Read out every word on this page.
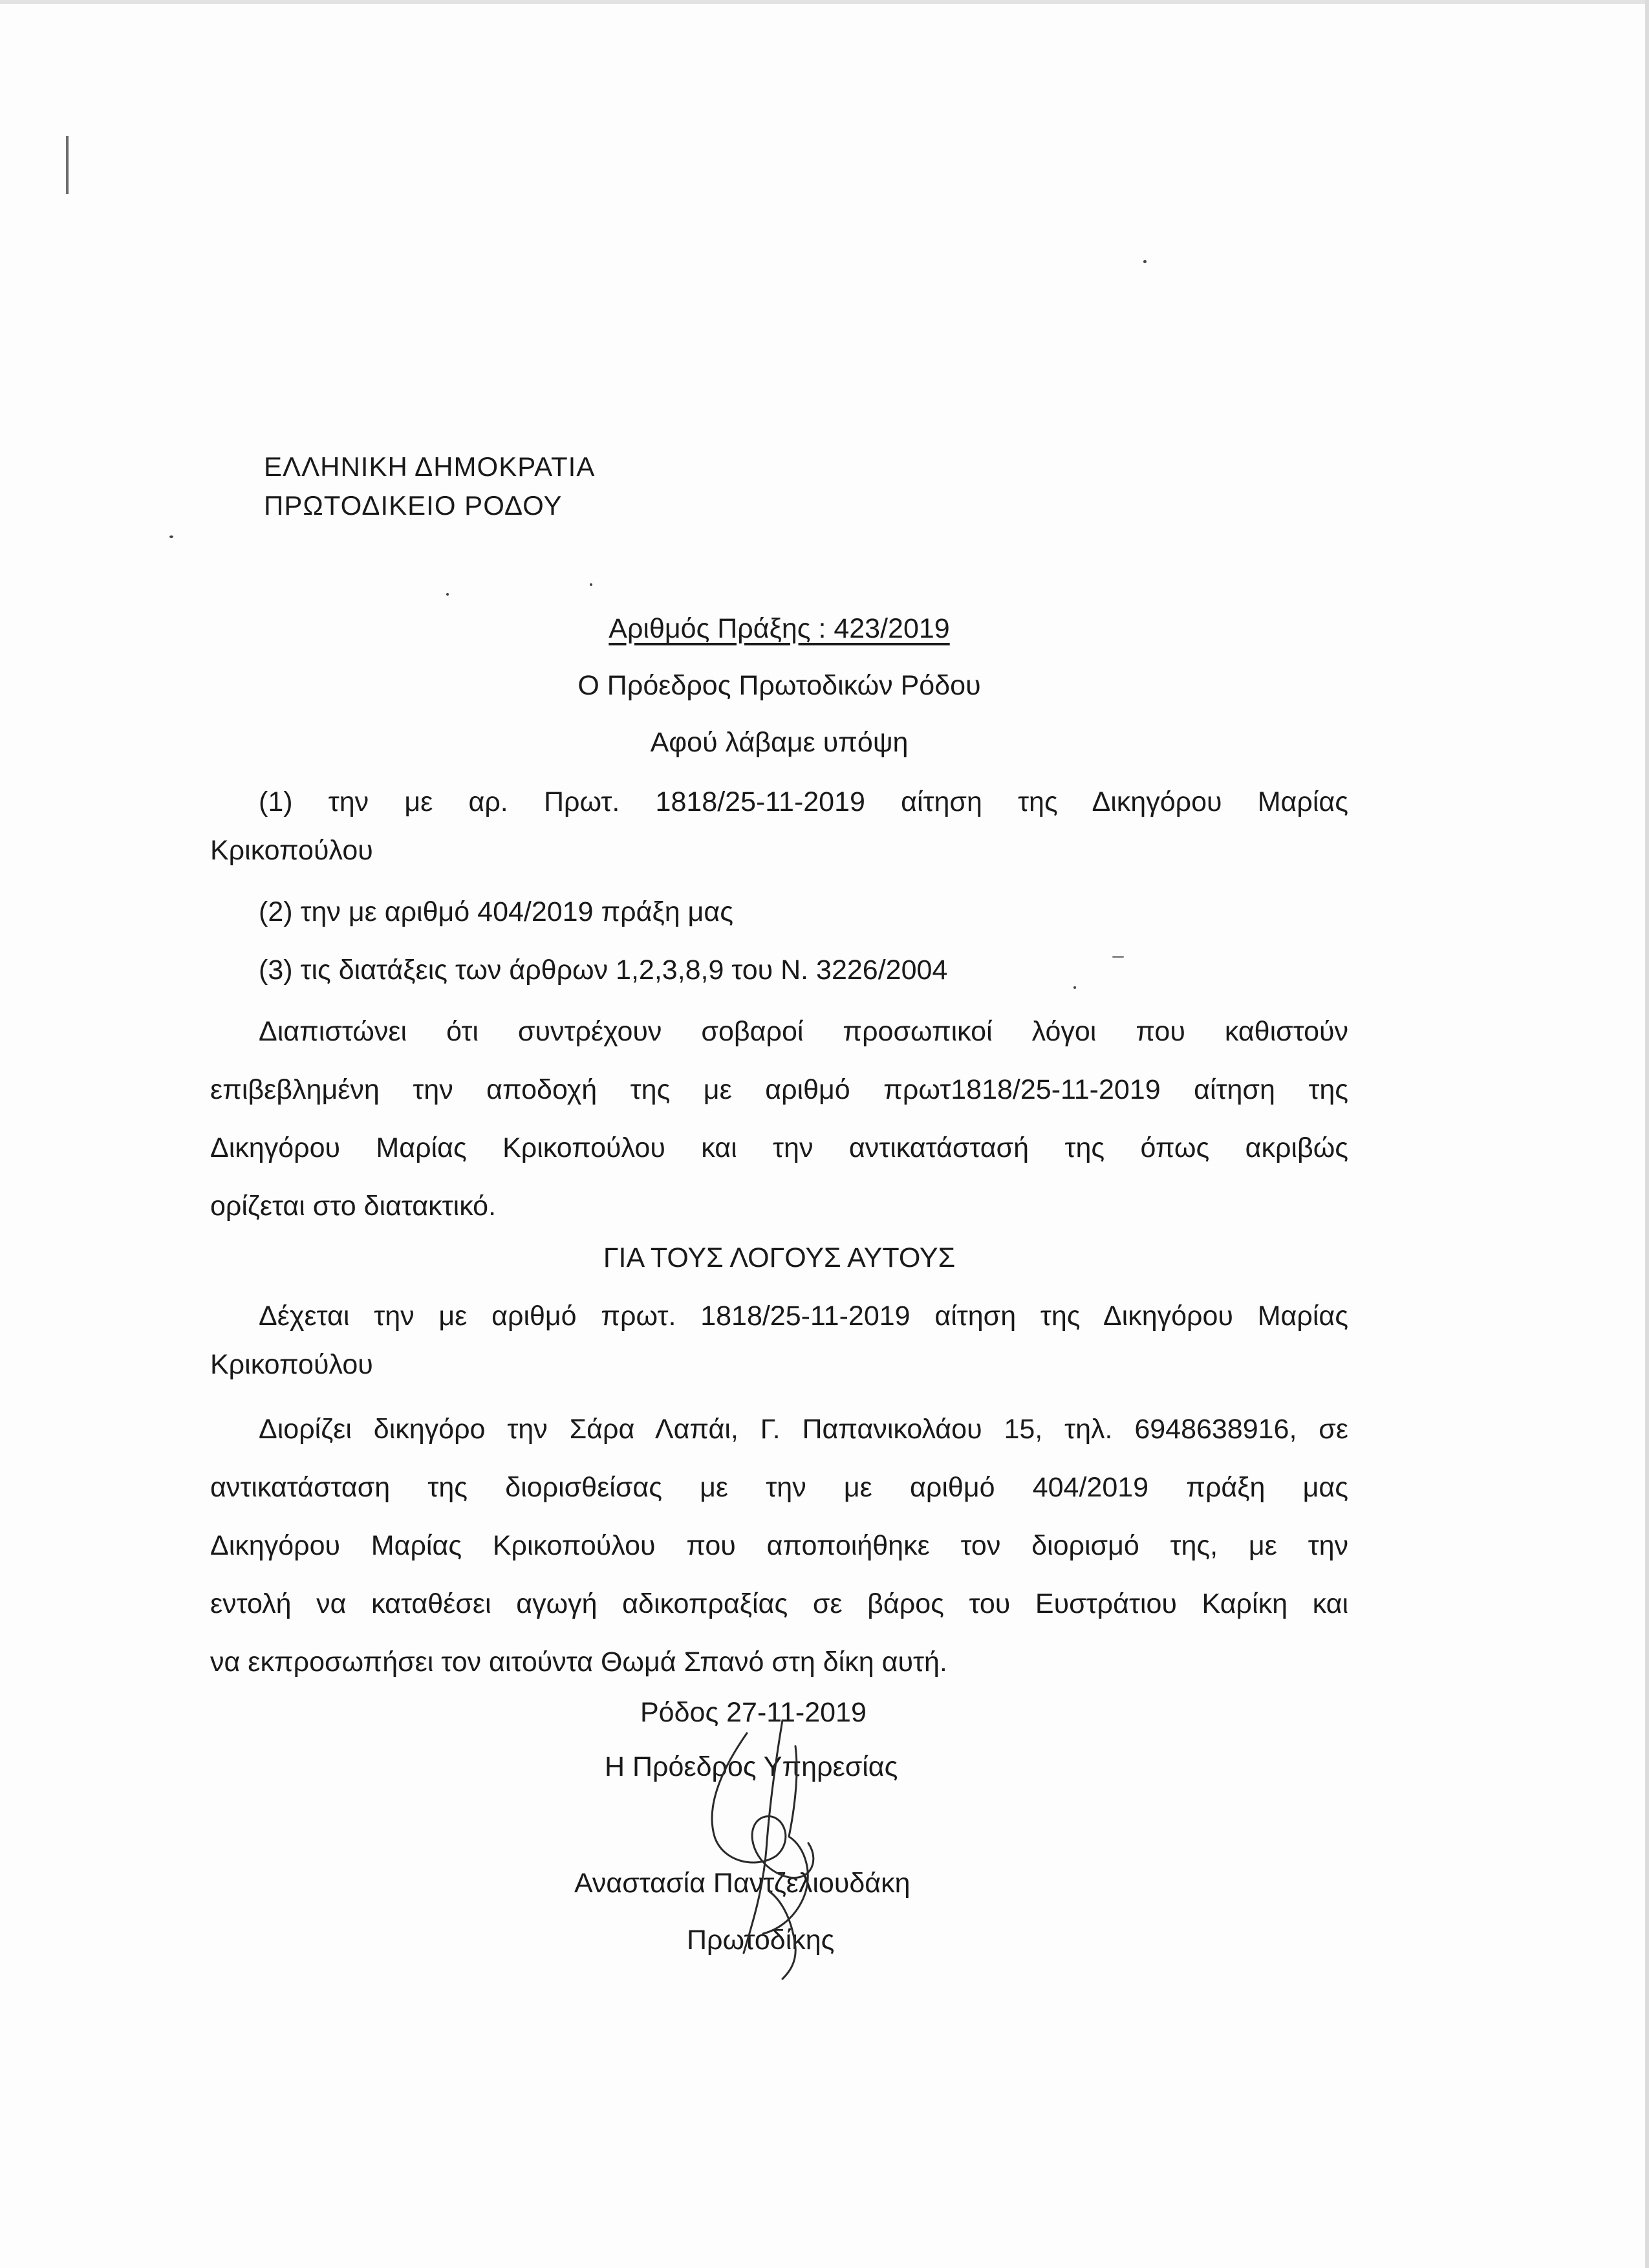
ΕΛΛΗΝΙΚΗ ΔΗΜΟΚΡΑΤΙΑ
ΠΡΩΤΟΔΙΚΕΙΟ ΡΟΔΟΥ
Αριθμός Πράξης : 423/2019
Ο Πρόεδρος Πρωτοδικών Ρόδου
Αφού λάβαμε υπόψη
(1) την με αρ. Πρωτ. 1818/25-11-2019 αίτηση της Δικηγόρου Μαρίας
Κρικοπούλου
(2) την με αριθμό 404/2019 πράξη μας
(3) τις διατάξεις των άρθρων 1,2,3,8,9 του Ν. 3226/2004
Διαπιστώνει ότι συντρέχουν σοβαροί προσωπικοί λόγοι που καθιστούν
επιβεβλημένη την αποδοχή της με αριθμό πρωτ1818/25-11-2019 αίτηση της
Δικηγόρου Μαρίας Κρικοπούλου και την αντικατάστασή της όπως ακριβώς
ορίζεται στο διατακτικό.
ΓΙΑ ΤΟΥΣ ΛΟΓΟΥΣ ΑΥΤΟΥΣ
Δέχεται την με αριθμό πρωτ. 1818/25-11-2019 αίτηση της Δικηγόρου Μαρίας
Κρικοπούλου
Διορίζει δικηγόρο την Σάρα Λαπάι, Γ. Παπανικολάου 15, τηλ. 6948638916, σε
αντικατάσταση της διορισθείσας με την με αριθμό 404/2019 πράξη μας
Δικηγόρου Μαρίας Κρικοπούλου που αποποιήθηκε τον διορισμό της, με την
εντολή να καταθέσει αγωγή αδικοπραξίας σε βάρος του Ευστράτιου Καρίκη και
να εκπροσωπήσει τον αιτούντα Θωμά Σπανό στη δίκη αυτή.
Ρόδος 27-11-2019
Η Πρόεδρος Υπηρεσίας
Αναστασία Παντζελιουδάκη
Πρωτοδίκης
